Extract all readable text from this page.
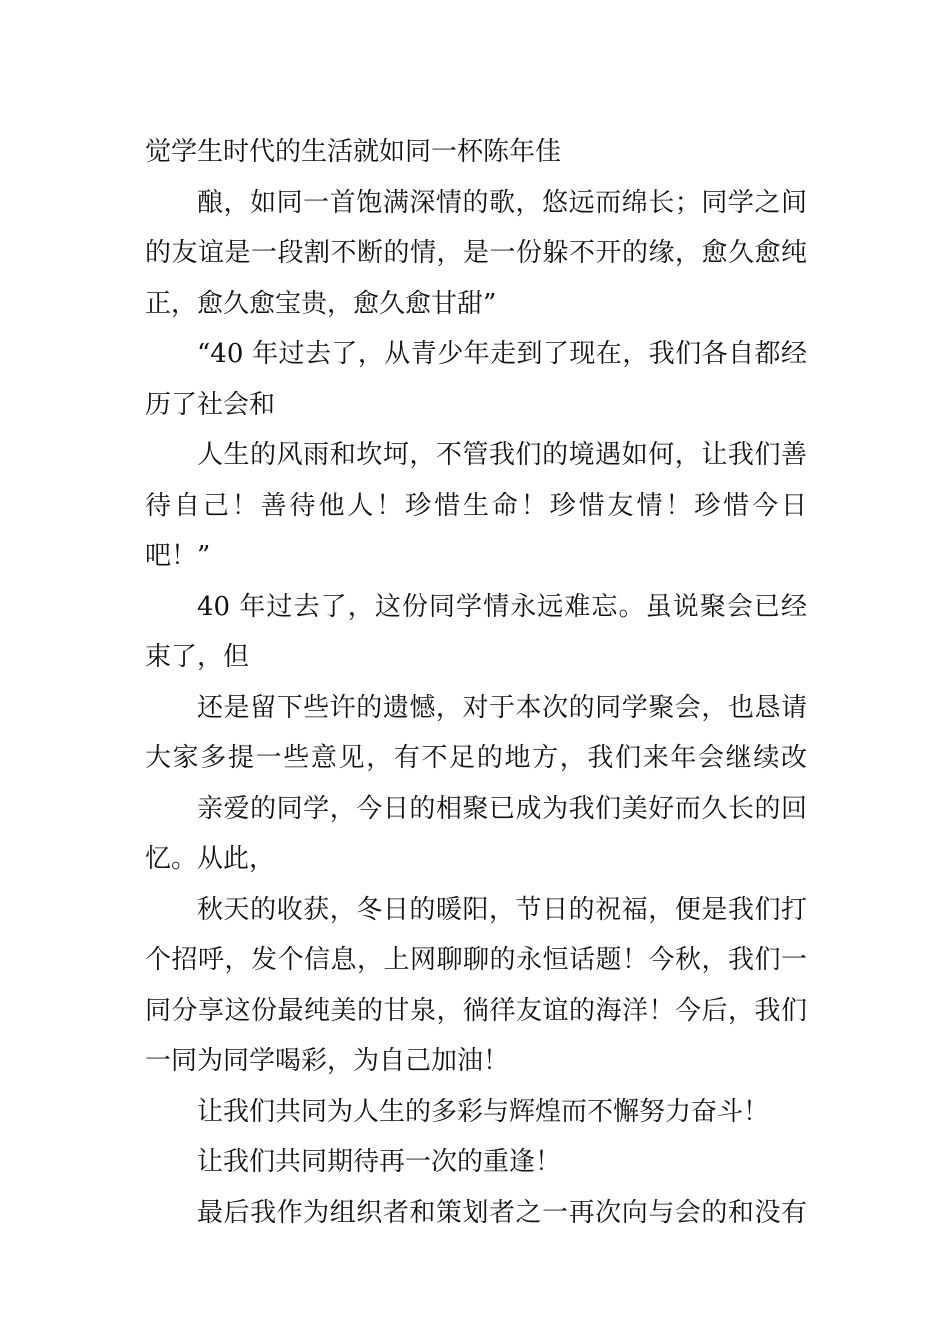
觉学生时代的生活就如同一杯陈年佳
酿，如同一首饱满深情的歌，悠远而绵长；同学之间
的友谊是一段割不断的情，是一份躲不开的缘，愈久愈纯
正，愈久愈宝贵，愈久愈甘甜”
“40 年过去了，从青少年走到了现在，我们各自都经
历了社会和
人生的风雨和坎坷，不管我们的境遇如何，让我们善
待自己！善待他人！珍惜生命！珍惜友情！珍惜今日
吧！”
40 年过去了，这份同学情永远难忘。虽说聚会已经
束了，但
还是留下些许的遗憾，对于本次的同学聚会，也恳请
大家多提一些意见，有不足的地方，我们来年会继续改
亲爱的同学，今日的相聚已成为我们美好而久长的回
忆。从此，
秋天的收获，冬日的暖阳，节日的祝福，便是我们打
个招呼，发个信息，上网聊聊的永恒话题！今秋，我们一
同分享这份最纯美的甘泉，徜徉友谊的海洋！今后，我们
一同为同学喝彩，为自己加油！
让我们共同为人生的多彩与辉煌而不懈努力奋斗！
让我们共同期待再一次的重逢！
最后我作为组织者和策划者之一再次向与会的和没有
